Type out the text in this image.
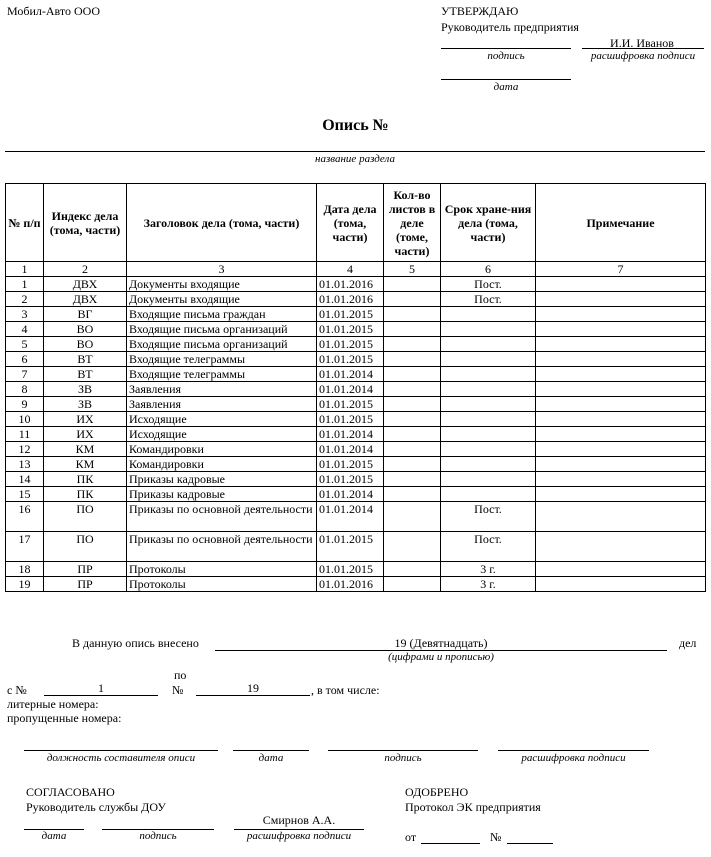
Мобил-Авто ООО	УТВЕРЖДАЮ
Руководитель предприятия
И.И. Иванов
подпись	расшифровка подписи
дата
Опись №
название раздела
№ п/п	Индекс дела (тома, части)	Заголовок дела (тома, части)	Дата дела (тома, части)	Кол-во листов в деле (томе, части)	Срок хране-ния дела (тома, части)	Примечание
1	2	3	4	5	6	7
1	ДВХ	Документы входящие	01.01.2016		Пост.	
2	ДВХ	Документы входящие	01.01.2016		Пост.	
3	ВГ	Входящие письма граждан	01.01.2015			
4	ВО	Входящие письма организаций	01.01.2015			
5	ВО	Входящие письма организаций	01.01.2015			
6	ВТ	Входящие телеграммы	01.01.2015			
7	ВТ	Входящие телеграммы	01.01.2014			
8	ЗВ	Заявления	01.01.2014			
9	ЗВ	Заявления	01.01.2015			
10	ИХ	Исходящие	01.01.2015			
11	ИХ	Исходящие	01.01.2014			
12	КМ	Командировки	01.01.2014			
13	КМ	Командировки	01.01.2015			
14	ПК	Приказы кадровые	01.01.2015			
15	ПК	Приказы кадровые	01.01.2014			
16	ПО	Приказы по основной деятельности	01.01.2014		Пост.	
17	ПО	Приказы по основной деятельности	01.01.2015		Пост.	
18	ПР	Протоколы	01.01.2015		3 г.	
19	ПР	Протоколы	01.01.2016		3 г.	
В данную опись внесено	19 (Девятнадцать)	дел
(цифрами и прописью)
с №	1
по
№	19	, в том числе:
литерные номера:
пропущенные номера:
должность составителя описи	дата	подпись	расшифровка подписи
СОГЛАСОВАНО
Руководитель службы ДОУ
Смирнов А.А.
дата	подпись	расшифровка подписи
ОДОБРЕНО
Протокол ЭК предприятия
от	№
